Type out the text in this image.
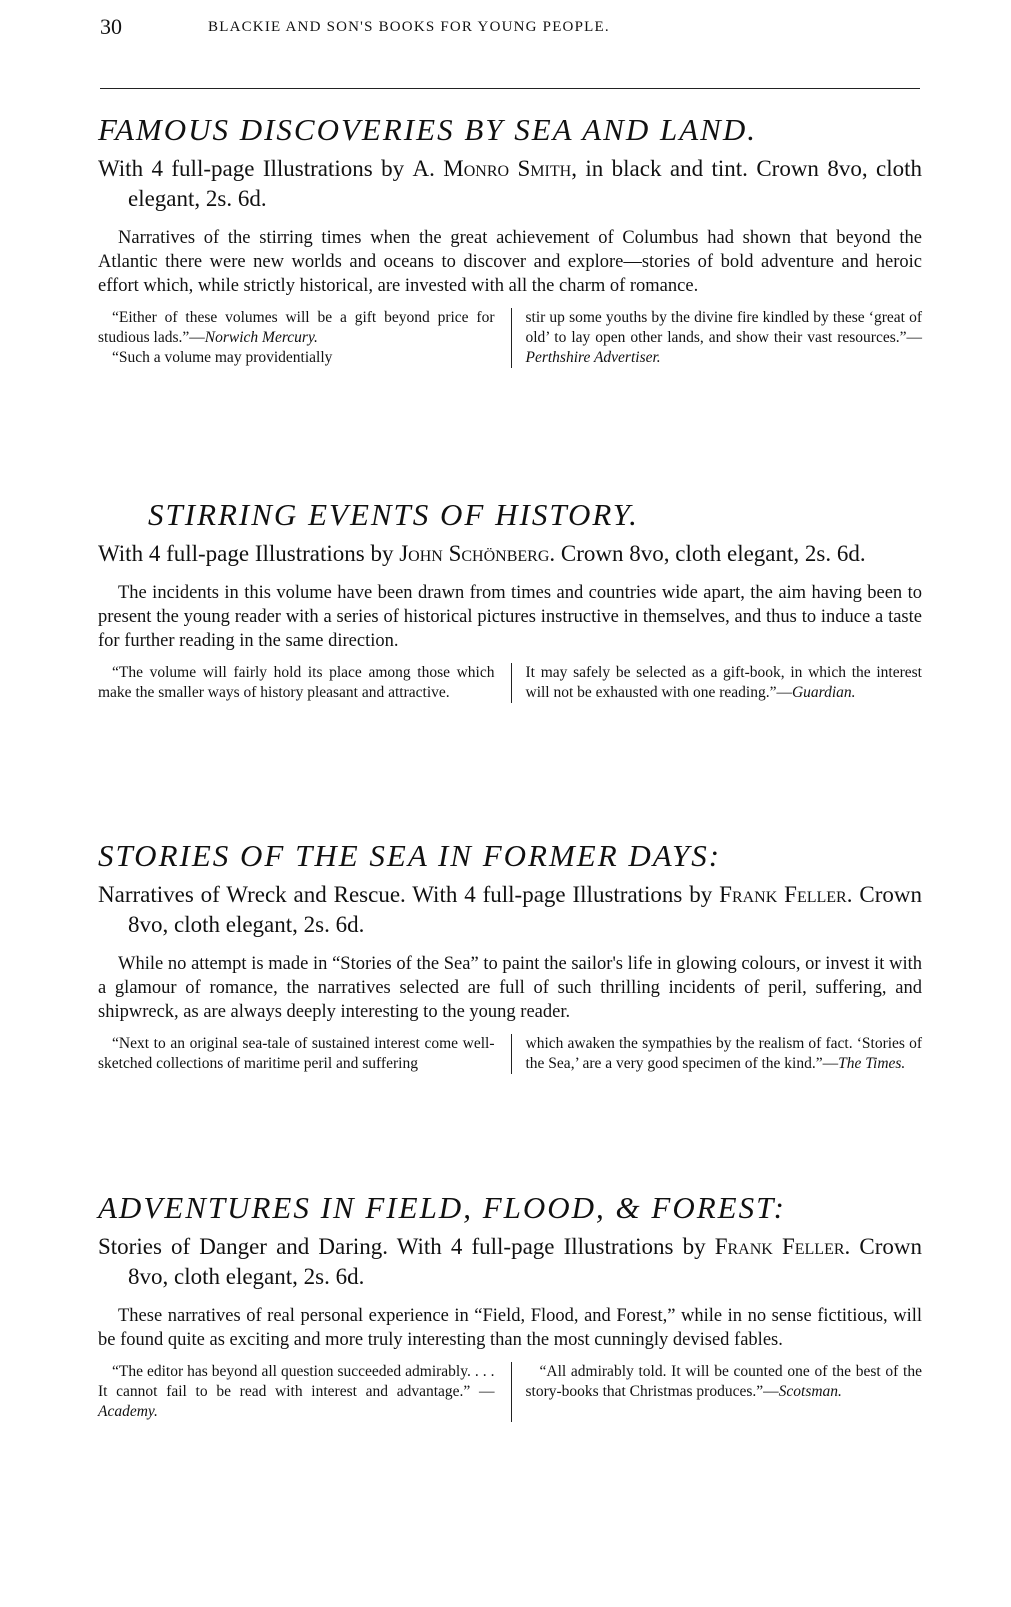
30	BLACKIE AND SON'S BOOKS FOR YOUNG PEOPLE.
FAMOUS DISCOVERIES BY SEA AND LAND.
With 4 full-page Illustrations by A. Monro Smith, in black and tint. Crown 8vo, cloth elegant, 2s. 6d.
Narratives of the stirring times when the great achievement of Columbus had shown that beyond the Atlantic there were new worlds and oceans to discover and explore—stories of bold adventure and heroic effort which, while strictly historical, are invested with all the charm of romance.

“Either of these volumes will be a gift beyond price for studious lads.”—Norwich Mercury.

“Such a volume may providentially

stir up some youths by the divine fire kindled by these ‘great of old’ to lay open other lands, and show their vast resources.”—Perthshire Advertiser.

STIRRING EVENTS OF HISTORY.
With 4 full-page Illustrations by John Schönberg. Crown 8vo, cloth elegant, 2s. 6d.
The incidents in this volume have been drawn from times and countries wide apart, the aim having been to present the young reader with a series of historical pictures instructive in themselves, and thus to induce a taste for further reading in the same direction.

“The volume will fairly hold its place among those which make the smaller ways of history pleasant and attractive.

It may safely be selected as a gift-book, in which the interest will not be exhausted with one reading.”—Guardian.

STORIES OF THE SEA IN FORMER DAYS:
Narratives of Wreck and Rescue. With 4 full-page Illustrations by Frank Feller. Crown 8vo, cloth elegant, 2s. 6d.
While no attempt is made in “Stories of the Sea” to paint the sailor's life in glowing colours, or invest it with a glamour of romance, the narratives selected are full of such thrilling incidents of peril, suffering, and shipwreck, as are always deeply interesting to the young reader.

“Next to an original sea-tale of sustained interest come well-sketched collections of maritime peril and suffering

which awaken the sympathies by the realism of fact. ‘Stories of the Sea,’ are a very good specimen of the kind.”—The Times.

ADVENTURES IN FIELD, FLOOD, & FOREST:
Stories of Danger and Daring. With 4 full-page Illustrations by Frank Feller. Crown 8vo, cloth elegant, 2s. 6d.
These narratives of real personal experience in “Field, Flood, and Forest,” while in no sense fictitious, will be found quite as exciting and more truly interesting than the most cunningly devised fables.

“The editor has beyond all question succeeded admirably. . . . It cannot fail to be read with interest and advantage.” —Academy.

“All admirably told. It will be counted one of the best of the story-books that Christmas produces.”—Scotsman.
